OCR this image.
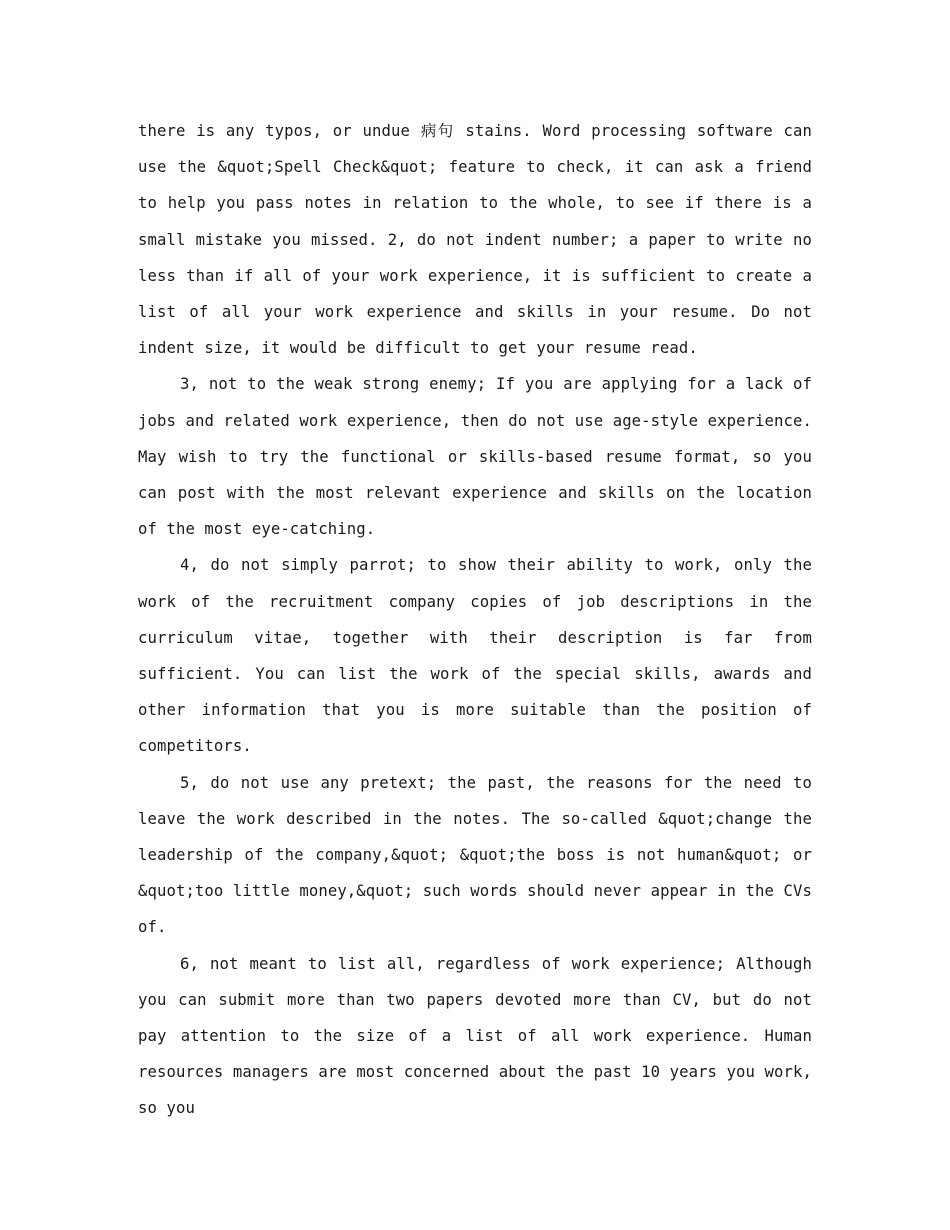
there is any typos, or undue 病句 stains. Word processing software can use the &quot;Spell Check&quot; feature to check, it can ask a friend to help you pass notes in relation to the whole, to see if there is a small mistake you missed. 2, do not indent number; a paper to write no less than if all of your work experience, it is sufficient to create a list of all your work experience and skills in your resume. Do not indent size, it would be difficult to get your resume read.

3, not to the weak strong enemy; If you are applying for a lack of jobs and related work experience, then do not use age-style experience. May wish to try the functional or skills-based resume format, so you can post with the most relevant experience and skills on the location of the most eye-catching.

4, do not simply parrot; to show their ability to work, only the work of the recruitment company copies of job descriptions in the curriculum vitae, together with their description is far from sufficient. You can list the work of the special skills, awards and other information that you is more suitable than the position of competitors.

5, do not use any pretext; the past, the reasons for the need to leave the work described in the notes. The so-called &quot;change the leadership of the company,&quot; &quot;the boss is not human&quot; or &quot;too little money,&quot; such words should never appear in the CVs of.

6, not meant to list all, regardless of work experience; Although you can submit more than two papers devoted more than CV, but do not pay attention to the size of a list of all work experience. Human resources managers are most concerned about the past 10 years you work, so you
